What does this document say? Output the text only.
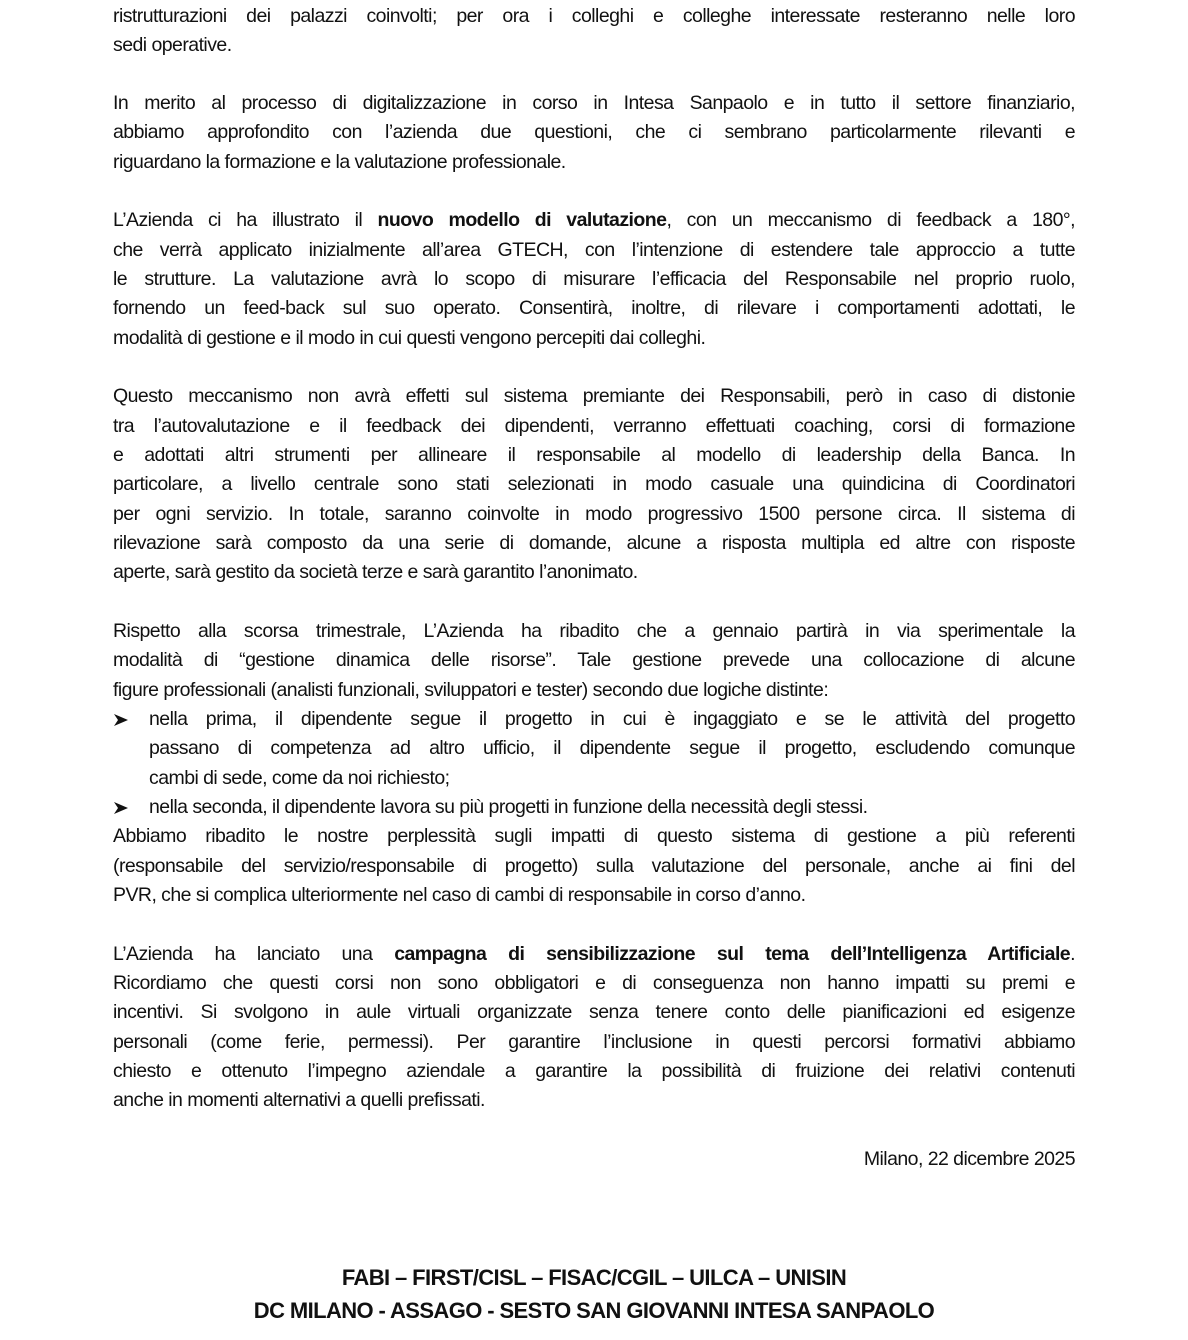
ristrutturazioni dei palazzi coinvolti; per ora i colleghi e colleghe interessate resteranno nelle loro
sedi operative.
In merito al processo di digitalizzazione in corso in Intesa Sanpaolo e in tutto il settore finanziario,
abbiamo approfondito con l’azienda due questioni, che ci sembrano particolarmente rilevanti e
riguardano la formazione e la valutazione professionale.
L’Azienda ci ha illustrato il nuovo modello di valutazione, con un meccanismo di feedback a 180°,
che verrà applicato inizialmente all’area GTECH, con l’intenzione di estendere tale approccio a tutte
le strutture. La valutazione avrà lo scopo di misurare l’efficacia del Responsabile nel proprio ruolo,
fornendo un feed-back sul suo operato. Consentirà, inoltre, di rilevare i comportamenti adottati, le
modalità di gestione e il modo in cui questi vengono percepiti dai colleghi.
Questo meccanismo non avrà effetti sul sistema premiante dei Responsabili, però in caso di distonie
tra l’autovalutazione e il feedback dei dipendenti, verranno effettuati coaching, corsi di formazione
e adottati altri strumenti per allineare il responsabile al modello di leadership della Banca. In
particolare, a livello centrale sono stati selezionati in modo casuale una quindicina di Coordinatori
per ogni servizio. In totale, saranno coinvolte in modo progressivo 1500 persone circa. Il sistema di
rilevazione sarà composto da una serie di domande, alcune a risposta multipla ed altre con risposte
aperte, sarà gestito da società terze e sarà garantito l’anonimato.
Rispetto alla scorsa trimestrale, L’Azienda ha ribadito che a gennaio partirà in via sperimentale la
modalità di “gestione dinamica delle risorse”. Tale gestione prevede una collocazione di alcune
figure professionali (analisti funzionali, sviluppatori e tester) secondo due logiche distinte:
nella prima, il dipendente segue il progetto in cui è ingaggiato e se le attività del progetto
passano di competenza ad altro ufficio, il dipendente segue il progetto, escludendo comunque
cambi di sede, come da noi richiesto;
nella seconda, il dipendente lavora su più progetti in funzione della necessità degli stessi.
Abbiamo ribadito le nostre perplessità sugli impatti di questo sistema di gestione a più referenti
(responsabile del servizio/responsabile di progetto) sulla valutazione del personale, anche ai fini del
PVR, che si complica ulteriormente nel caso di cambi di responsabile in corso d’anno.
L’Azienda ha lanciato una campagna di sensibilizzazione sul tema dell’Intelligenza Artificiale.
Ricordiamo che questi corsi non sono obbligatori e di conseguenza non hanno impatti su premi e
incentivi. Si svolgono in aule virtuali organizzate senza tenere conto delle pianificazioni ed esigenze
personali (come ferie, permessi). Per garantire l’inclusione in questi percorsi formativi abbiamo
chiesto e ottenuto l’impegno aziendale a garantire la possibilità di fruizione dei relativi contenuti
anche in momenti alternativi a quelli prefissati.
Milano, 22 dicembre 2025
FABI – FIRST/CISL – FISAC/CGIL – UILCA – UNISIN
DC MILANO - ASSAGO - SESTO SAN GIOVANNI INTESA SANPAOLO
